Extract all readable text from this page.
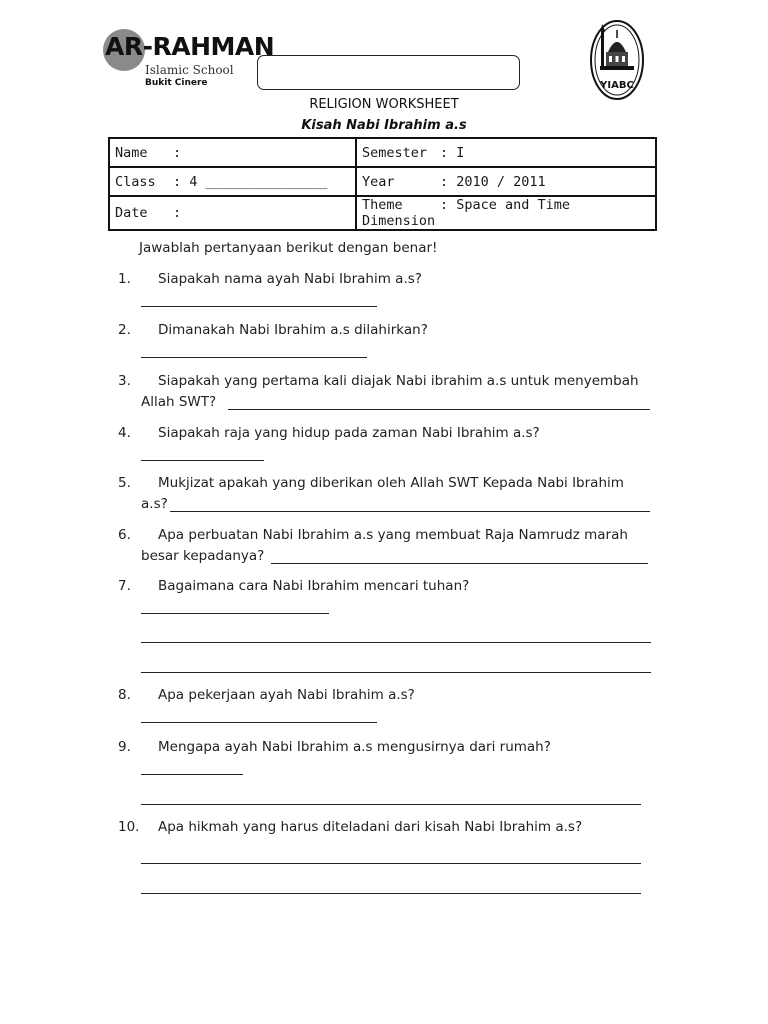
AR-RAHMAN
Islamic School
Bukit Cinere	YIABC
RELIGION WORKSHEET
Kisah Nabi Ibrahim a.s
Name :	Semester : I
Class : 4 _______________	Year : 2010 / 2011
Date :	Theme : Space and Time Dimension
Jawablah pertanyaan berikut dengan benar!
1. Siapakah nama ayah Nabi Ibrahim a.s?
2. Dimanakah Nabi Ibrahim a.s dilahirkan?
3. Siapakah yang pertama kali diajak Nabi ibrahim a.s untuk menyembah
Allah SWT?
4. Siapakah raja yang hidup pada zaman Nabi Ibrahim a.s?
5. Mukjizat apakah yang diberikan oleh Allah SWT Kepada Nabi Ibrahim
a.s?
6. Apa perbuatan Nabi Ibrahim a.s yang membuat Raja Namrudz marah
besar kepadanya?
7. Bagaimana cara Nabi Ibrahim mencari tuhan?
8. Apa pekerjaan ayah Nabi Ibrahim a.s?
9. Mengapa ayah Nabi Ibrahim a.s mengusirnya dari rumah?
10. Apa hikmah yang harus diteladani dari kisah Nabi Ibrahim a.s?
